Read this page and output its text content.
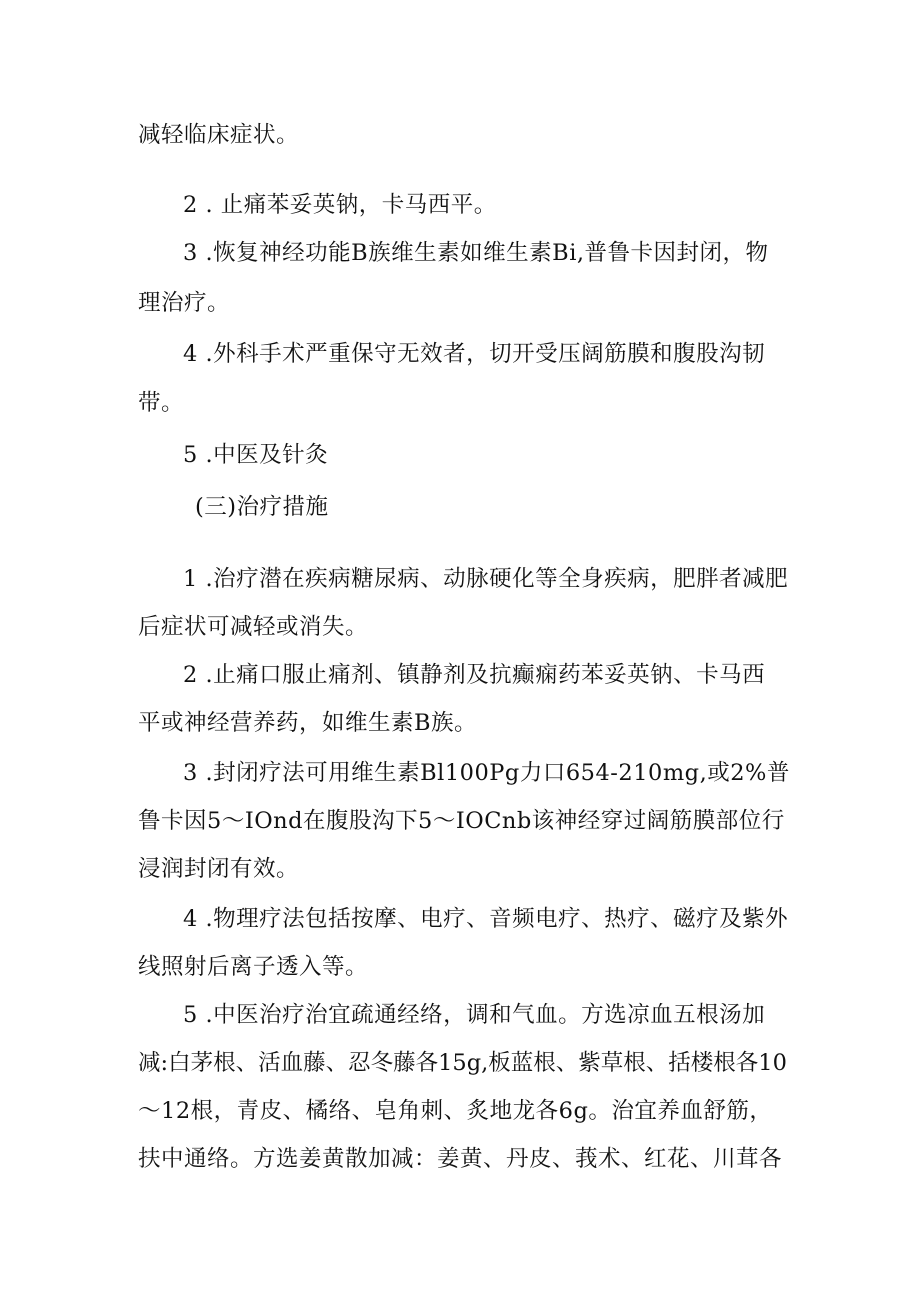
减轻临床症状。
2 . 止痛苯妥英钠，卡马西平。
3 .恢复神经功能B族维生素如维生素Bi,普鲁卡因封闭，物
理治疗。
4 .外科手术严重保守无效者，切开受压阔筋膜和腹股沟韧
带。
5 .中医及针灸
(三)治疗措施
1 .治疗潜在疾病糖尿病、动脉硬化等全身疾病，肥胖者减肥
后症状可减轻或消失。
2 .止痛口服止痛剂、镇静剂及抗癫痫药苯妥英钠、卡马西
平或神经营养药，如维生素B族。
3 .封闭疗法可用维生素Bl100Pg力口654-210mg,或2%普
鲁卡因5～IOnd在腹股沟下5～IOCnb该神经穿过阔筋膜部位行
浸润封闭有效。
4 .物理疗法包括按摩、电疗、音频电疗、热疗、磁疗及紫外
线照射后离子透入等。
5 .中医治疗治宜疏通经络，调和气血。方选凉血五根汤加
减:白茅根、活血藤、忍冬藤各15g,板蓝根、紫草根、括楼根各10
～12根，青皮、橘络、皂角刺、炙地龙各6g。治宜养血舒筋，
扶中通络。方选姜黄散加减：姜黄、丹皮、莪术、红花、川茸各
